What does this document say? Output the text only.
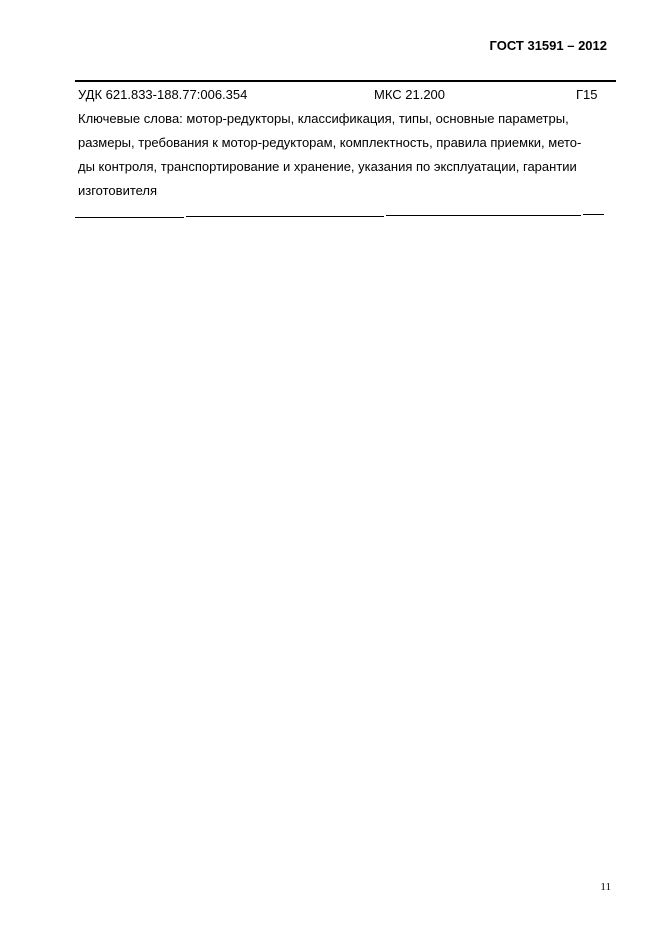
ГОСТ 31591 – 2012
УДК 621.833-188.77:006.354	МКС 21.200	Г15
Ключевые слова: мотор-редукторы, классификация, типы, основные параметры,
размеры, требования к мотор-редукторам, комплектность, правила приемки, мето-
ды контроля, транспортирование и хранение, указания по эксплуатации, гарантии
изготовителя
11
